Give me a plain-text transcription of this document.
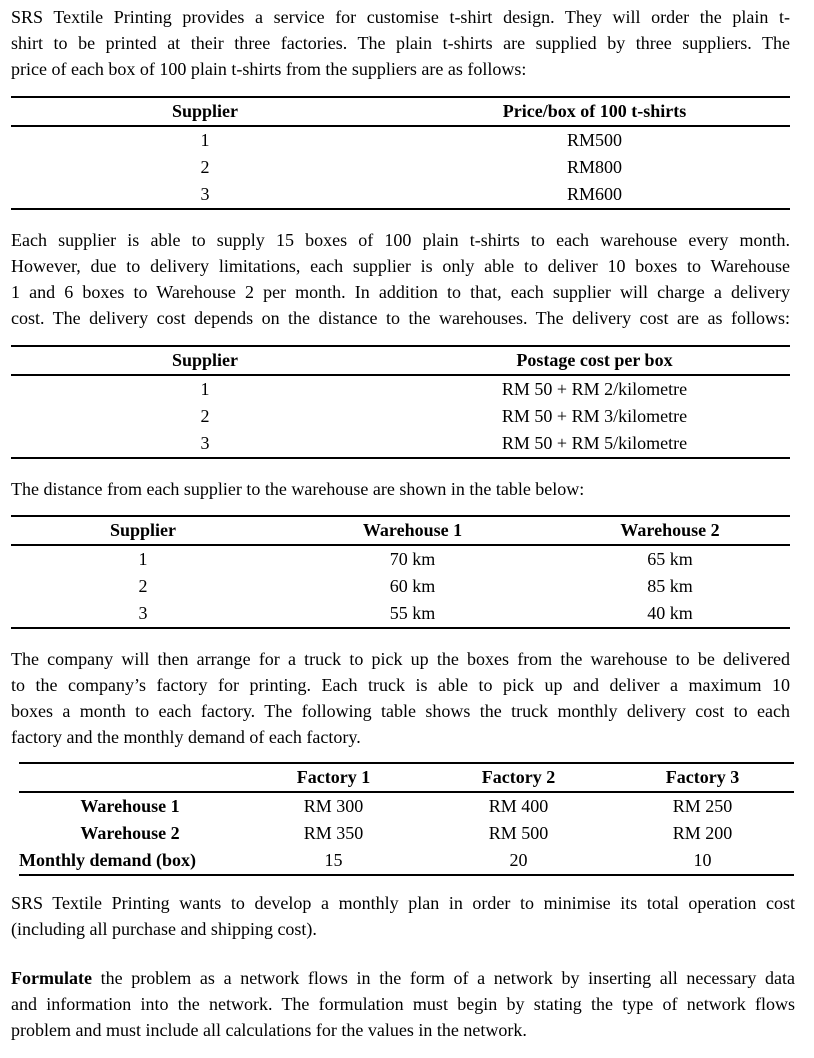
SRS Textile Printing provides a service for customise t-shirt design. They will order the plain t-
shirt to be printed at their three factories. The plain t-shirts are supplied by three suppliers. The
price of each box of 100 plain t-shirts from the suppliers are as follows:

Supplier	Price/box of 100 t-shirts
1	RM500
2	RM800
3	RM600

Each supplier is able to supply 15 boxes of 100 plain t-shirts to each warehouse every month.
However, due to delivery limitations, each supplier is only able to deliver 10 boxes to Warehouse
1 and 6 boxes to Warehouse 2 per month. In addition to that, each supplier will charge a delivery
cost. The delivery cost depends on the distance to the warehouses. The delivery cost are as follows:

Supplier	Postage cost per box
1	RM 50 + RM 2/kilometre
2	RM 50 + RM 3/kilometre
3	RM 50 + RM 5/kilometre

The distance from each supplier to the warehouse are shown in the table below:

Supplier	Warehouse 1	Warehouse 2
1	70 km	65 km
2	60 km	85 km
3	55 km	40 km

The company will then arrange for a truck to pick up the boxes from the warehouse to be delivered
to the company’s factory for printing. Each truck is able to pick up and deliver a maximum 10
boxes a month to each factory. The following table shows the truck monthly delivery cost to each
factory and the monthly demand of each factory.

	Factory 1	Factory 2	Factory 3
Warehouse 1	RM 300	RM 400	RM 250
Warehouse 2	RM 350	RM 500	RM 200
Monthly demand (box)	15	20	10

SRS Textile Printing wants to develop a monthly plan in order to minimise its total operation cost
(including all purchase and shipping cost).

Formulate the problem as a network flows in the form of a network by inserting all necessary data
and information into the network. The formulation must begin by stating the type of network flows
problem and must include all calculations for the values in the network.
